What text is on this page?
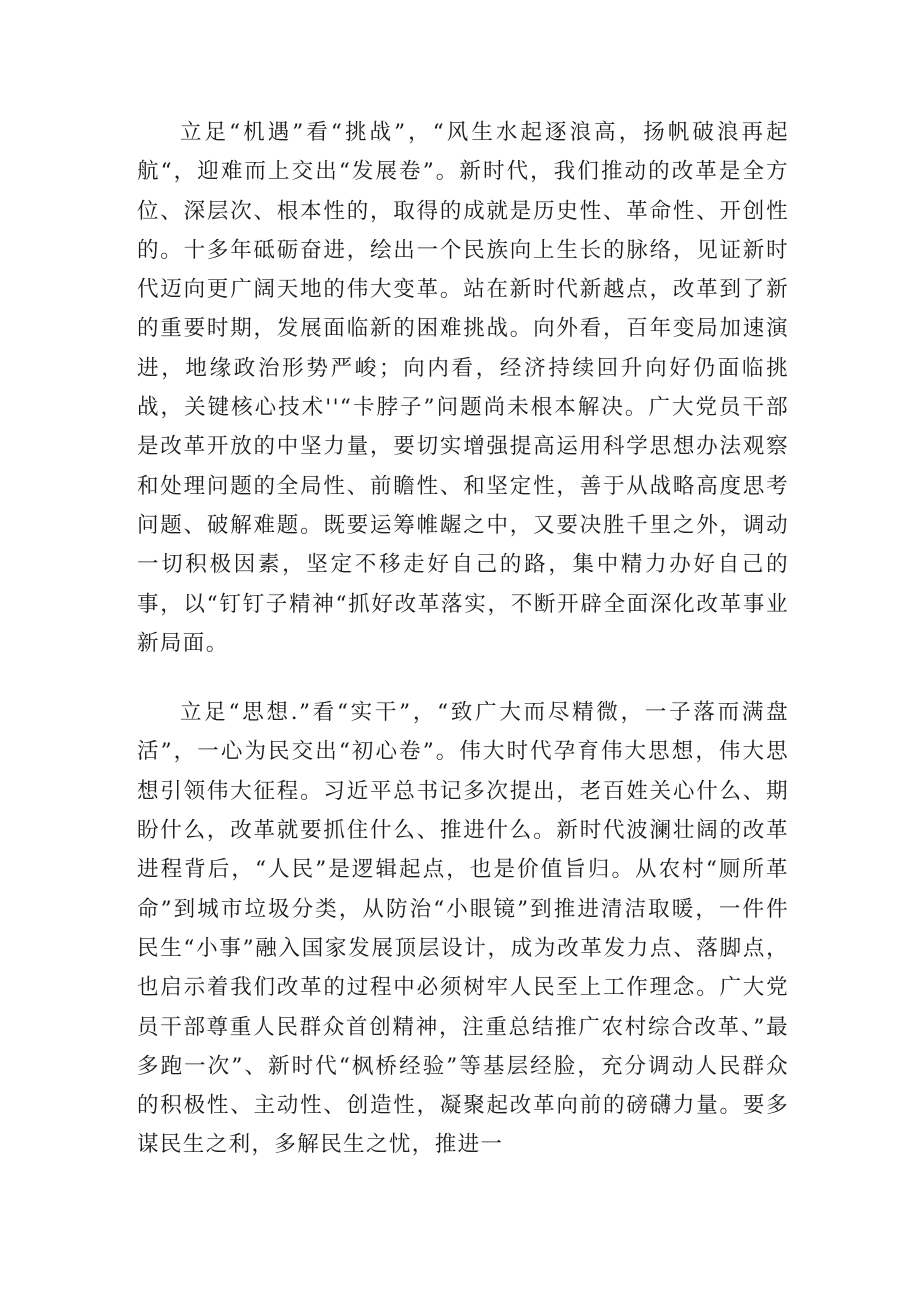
立足“机遇”看“挑战”，“风生水起逐浪高，扬帆破浪再起航“，迎难而上交出“发展卷”。新时代，我们推动的改革是全方位、深层次、根本性的，取得的成就是历史性、革命性、开创性的。十多年砥砺奋进，绘出一个民族向上生长的脉络，见证新时代迈向更广阔天地的伟大变革。站在新时代新越点，改革到了新的重要时期，发展面临新的困难挑战。向外看，百年变局加速演进，地缘政治形势严峻；向内看，经济持续回升向好仍面临挑战，关键核心技术''“卡脖子”问题尚未根本解决。广大党员干部是改革开放的中坚力量，要切实增强提高运用科学思想办法观察和处理问题的全局性、前瞻性、和坚定性，善于从战略高度思考问题、破解难题。既要运筹帷龌之中，又要决胜千里之外，调动一切积极因素，坚定不移走好自己的路，集中精力办好自己的事，以“钉钉子精神“抓好改革落实，不断开辟全面深化改革事业新局面。

立足“思想.”看“实干”，“致广大而尽精微，一子落而满盘活”，一心为民交出“初心卷”。伟大时代孕育伟大思想，伟大思想引领伟大征程。习近平总书记多次提出，老百姓关心什么、期盼什么，改革就要抓住什么、推进什么。新时代波澜壮阔的改革进程背后，“人民”是逻辑起点，也是价值旨归。从农村“厕所革命”到城市垃圾分类，从防治“小眼镜”到推进清洁取暖，一件件民生“小事”融入国家发展顶层设计，成为改革发力点、落脚点，也启示着我们改革的过程中必须树牢人民至上工作理念。广大党员干部尊重人民群众首创精神，注重总结推广农村综合改革、”最多跑一次”、新时代“枫桥经验”等基层经脸，充分调动人民群众的积极性、主动性、创造性，凝聚起改革向前的磅礴力量。要多谋民生之利，多解民生之忧，推进一
